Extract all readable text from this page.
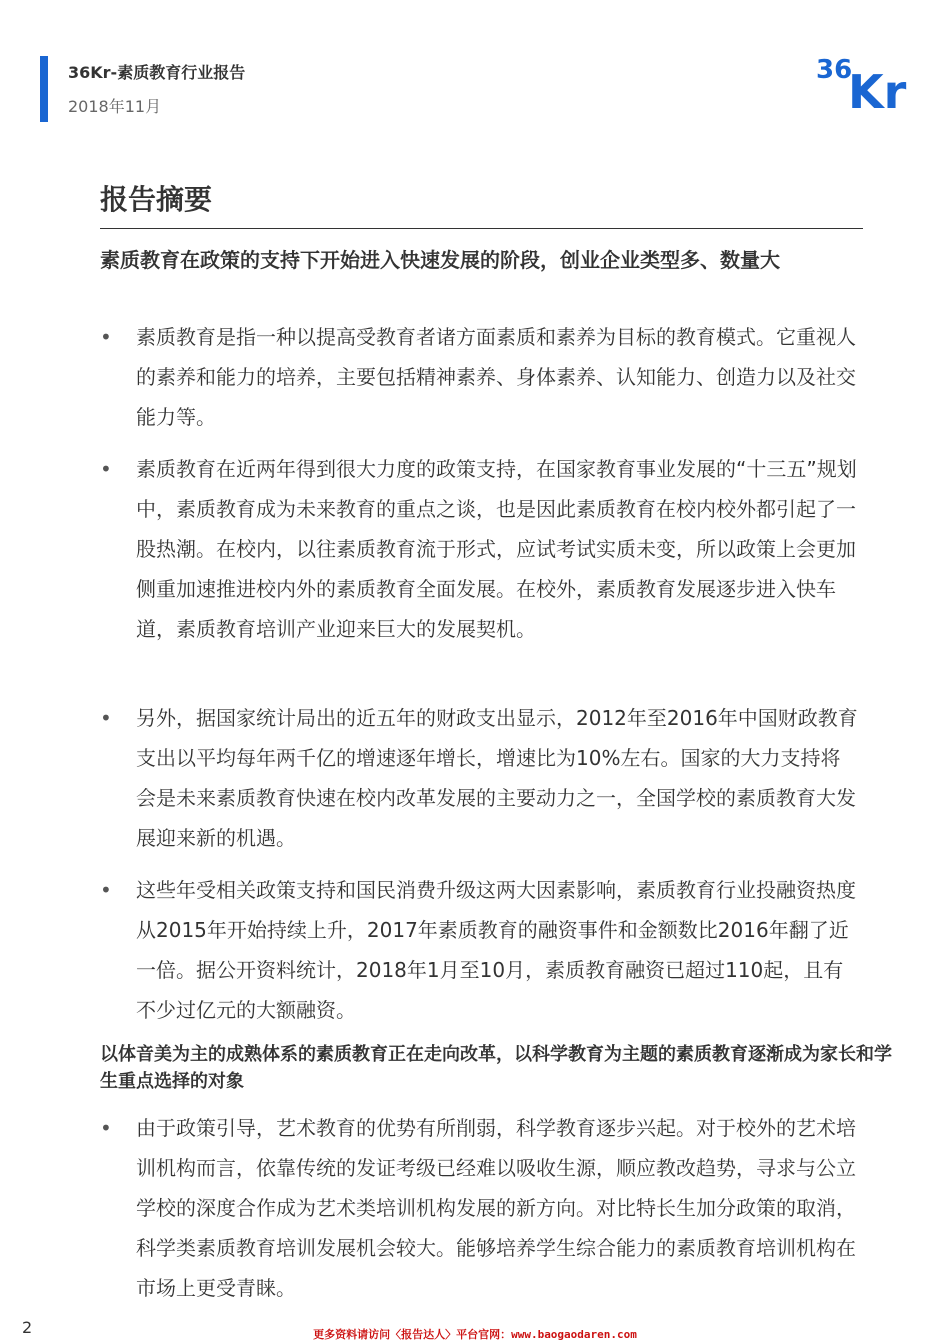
36Kr-素质教育行业报告
2018年11月
36
Kr
报告摘要
素质教育在政策的支持下开始进入快速发展的阶段，创业企业类型多、数量大
•	素质教育是指一种以提高受教育者诸方面素质和素养为目标的教育模式。它重视人的素养和能力的培养，主要包括精神素养、身体素养、认知能力、创造力以及社交能力等。
•	素质教育在近两年得到很大力度的政策支持，在国家教育事业发展的“十三五”规划中，素质教育成为未来教育的重点之谈，也是因此素质教育在校内校外都引起了一股热潮。在校内，以往素质教育流于形式，应试考试实质未变，所以政策上会更加侧重加速推进校内外的素质教育全面发展。在校外，素质教育发展逐步进入快车道，素质教育培训产业迎来巨大的发展契机。
•	另外，据国家统计局出的近五年的财政支出显示，2012年至2016年中国财政教育支出以平均每年两千亿的增速逐年增长，增速比为10%左右。国家的大力支持将会是未来素质教育快速在校内改革发展的主要动力之一，全国学校的素质教育大发展迎来新的机遇。
•	这些年受相关政策支持和国民消费升级这两大因素影响，素质教育行业投融资热度从2015年开始持续上升，2017年素质教育的融资事件和金额数比2016年翻了近一倍。据公开资料统计，2018年1月至10月，素质教育融资已超过110起，且有不少过亿元的大额融资。
以体音美为主的成熟体系的素质教育正在走向改革，以科学教育为主题的素质教育逐渐成为家长和学生重点选择的对象
•	由于政策引导，艺术教育的优势有所削弱，科学教育逐步兴起。对于校外的艺术培训机构而言，依靠传统的发证考级已经难以吸收生源，顺应教改趋势，寻求与公立学校的深度合作成为艺术类培训机构发展的新方向。对比特长生加分政策的取消，科学类素质教育培训发展机会较大。能够培养学生综合能力的素质教育培训机构在市场上更受青睐。
2	更多资料请访问〈报告达人〉平台官网：www.baogaodaren.com
